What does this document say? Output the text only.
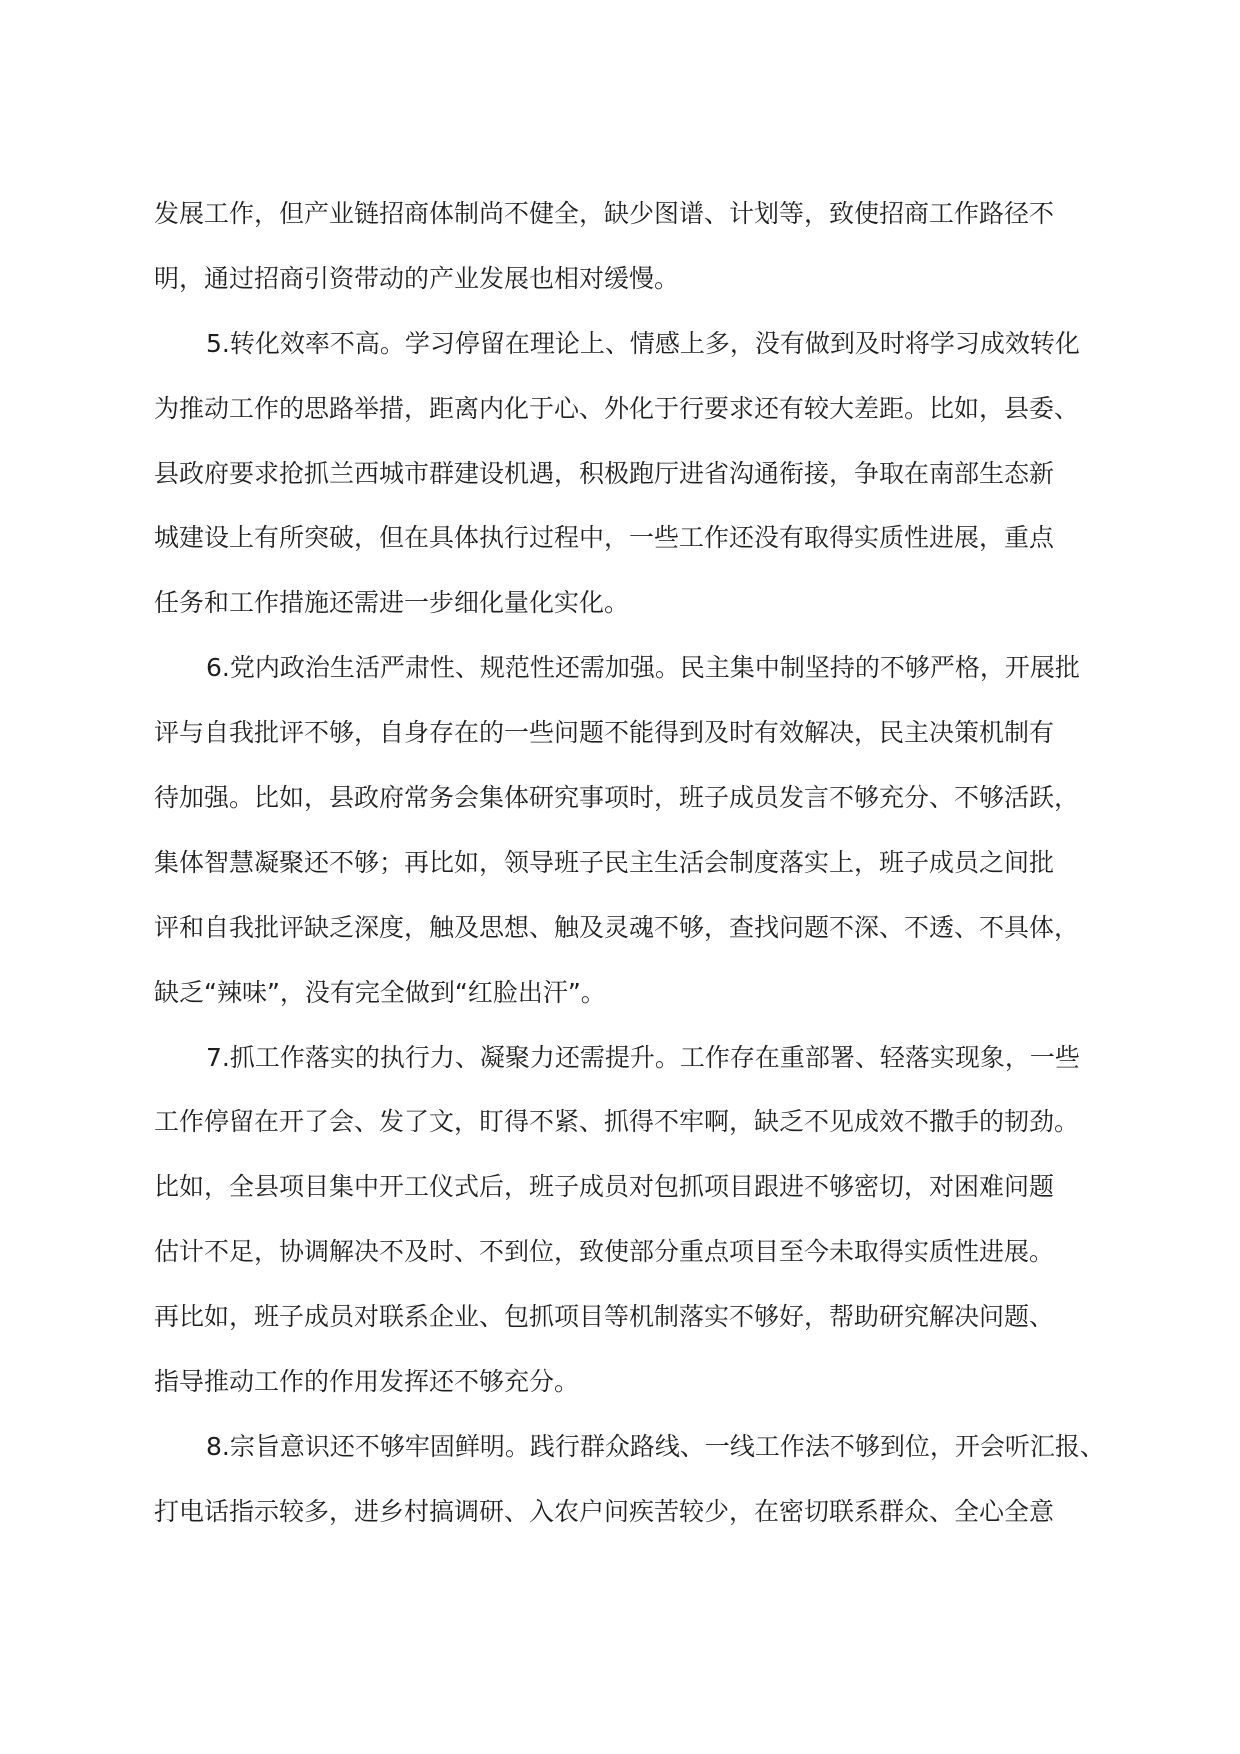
发展工作，但产业链招商体制尚不健全，缺少图谱、计划等，致使招商工作路径不
明，通过招商引资带动的产业发展也相对缓慢。
5.转化效率不高。学习停留在理论上、情感上多，没有做到及时将学习成效转化
为推动工作的思路举措，距离内化于心、外化于行要求还有较大差距。比如，县委、
县政府要求抢抓兰西城市群建设机遇，积极跑厅进省沟通衔接，争取在南部生态新
城建设上有所突破，但在具体执行过程中，一些工作还没有取得实质性进展，重点
任务和工作措施还需进一步细化量化实化。
6.党内政治生活严肃性、规范性还需加强。民主集中制坚持的不够严格，开展批
评与自我批评不够，自身存在的一些问题不能得到及时有效解决，民主决策机制有
待加强。比如，县政府常务会集体研究事项时，班子成员发言不够充分、不够活跃，
集体智慧凝聚还不够；再比如，领导班子民主生活会制度落实上，班子成员之间批
评和自我批评缺乏深度，触及思想、触及灵魂不够，查找问题不深、不透、不具体，
缺乏“辣味”，没有完全做到“红脸出汗”。
7.抓工作落实的执行力、凝聚力还需提升。工作存在重部署、轻落实现象，一些
工作停留在开了会、发了文，盯得不紧、抓得不牢啊，缺乏不见成效不撒手的韧劲。
比如，全县项目集中开工仪式后，班子成员对包抓项目跟进不够密切，对困难问题
估计不足，协调解决不及时、不到位，致使部分重点项目至今未取得实质性进展。
再比如，班子成员对联系企业、包抓项目等机制落实不够好，帮助研究解决问题、
指导推动工作的作用发挥还不够充分。
8.宗旨意识还不够牢固鲜明。践行群众路线、一线工作法不够到位，开会听汇报、
打电话指示较多，进乡村搞调研、入农户问疾苦较少，在密切联系群众、全心全意
